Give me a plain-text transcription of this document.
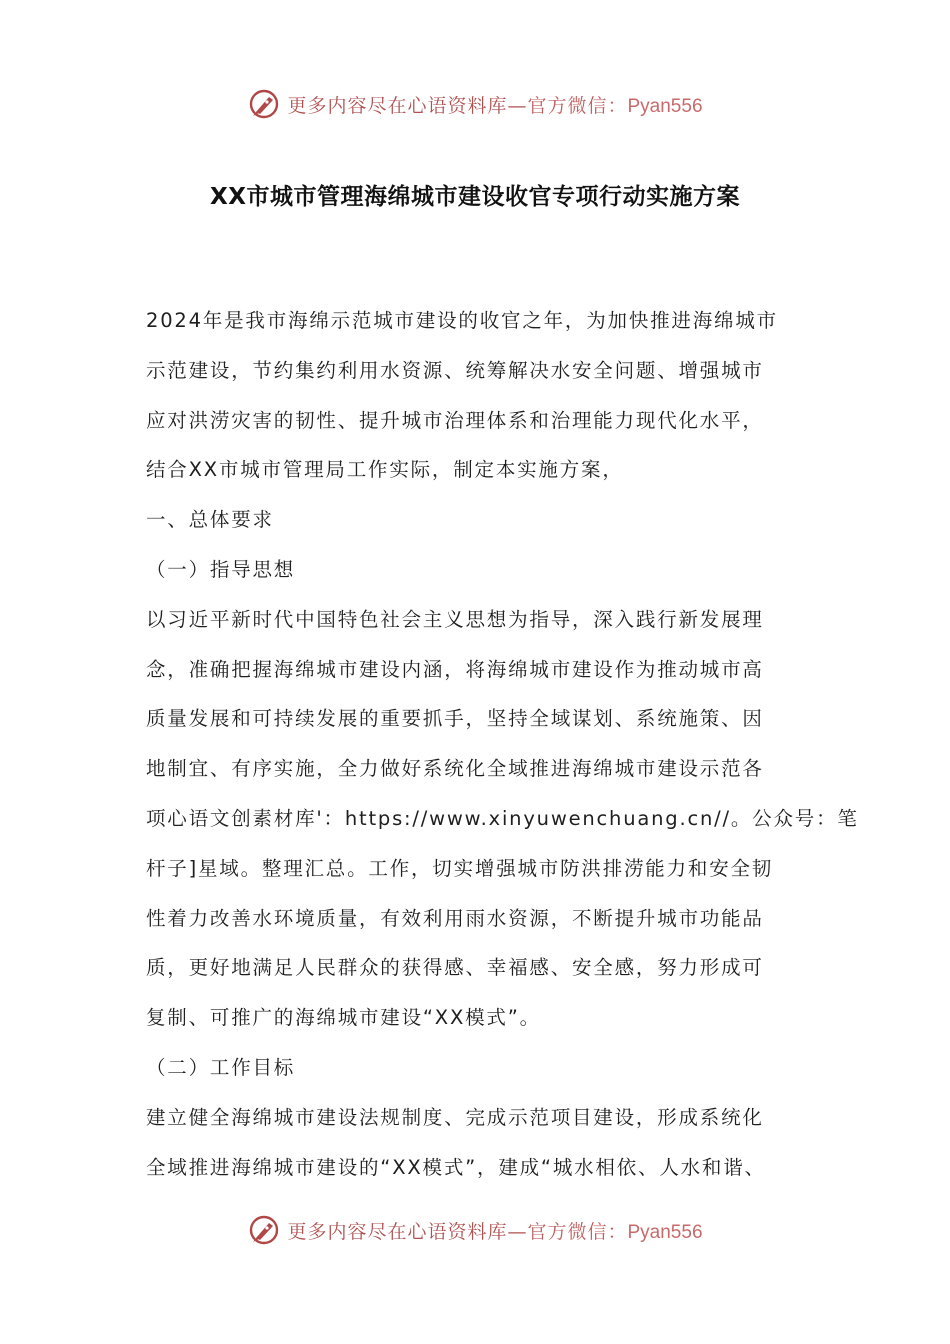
更多内容尽在心语资料库—官方微信：Pyan556
XX市城市管理海绵城市建设收官专项行动实施方案
2024年是我市海绵示范城市建设的收官之年，为加快推进海绵城市
示范建设，节约集约利用水资源、统筹解决水安全问题、增强城市
应对洪涝灾害的韧性、提升城市治理体系和治理能力现代化水平，
结合XX市城市管理局工作实际，制定本实施方案，
一、总体要求
（一）指导思想
以习近平新时代中国特色社会主义思想为指导，深入践行新发展理
念，准确把握海绵城市建设内涵，将海绵城市建设作为推动城市高
质量发展和可持续发展的重要抓手，坚持全域谋划、系统施策、因
地制宜、有序实施，全力做好系统化全域推进海绵城市建设示范各
项心语文创素材库'：https://www.xinyuwenchuang.cn//。公众号：笔
杆子]星域。整理汇总。工作，切实增强城市防洪排涝能力和安全韧
性着力改善水环境质量，有效利用雨水资源，不断提升城市功能品
质，更好地满足人民群众的获得感、幸福感、安全感，努力形成可
复制、可推广的海绵城市建设“XX模式”。
（二）工作目标
建立健全海绵城市建设法规制度、完成示范项目建设，形成系统化
全域推进海绵城市建设的“XX模式”，建成“城水相依、人水和谐、
更多内容尽在心语资料库—官方微信：Pyan556
